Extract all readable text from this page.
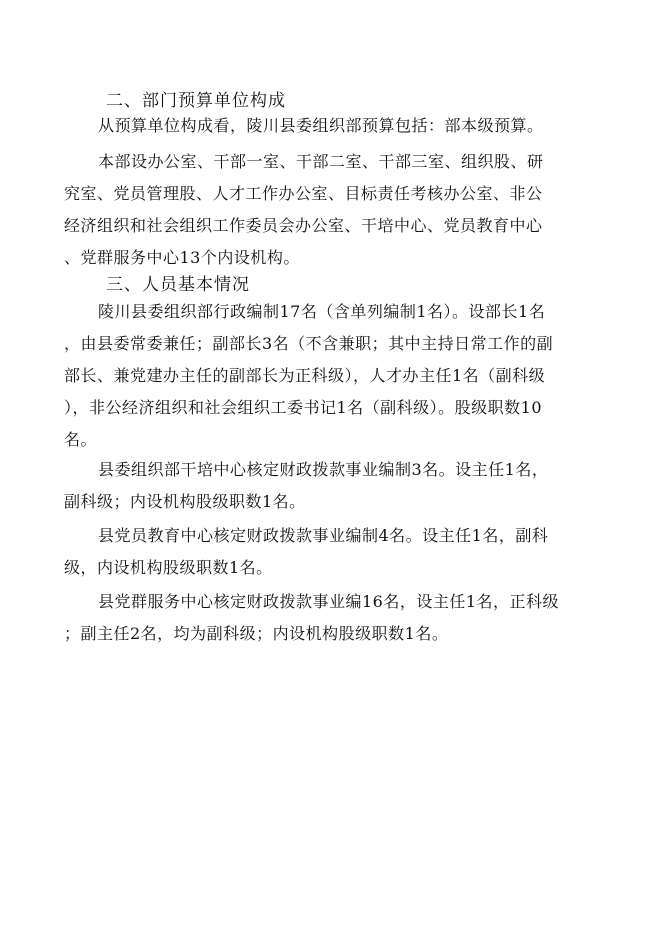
二、部门预算单位构成
从预算单位构成看，陵川县委组织部预算包括：部本级预算。
本部设办公室、干部一室、干部二室、干部三室、组织股、研
究室、党员管理股、人才工作办公室、目标责任考核办公室、非公
经济组织和社会组织工作委员会办公室、干培中心、党员教育中心
、党群服务中心13个内设机构。
三、人员基本情况
陵川县委组织部行政编制17名（含单列编制1名）。设部长1名
，由县委常委兼任；副部长3名（不含兼职；其中主持日常工作的副
部长、兼党建办主任的副部长为正科级），人才办主任1名（副科级
），非公经济组织和社会组织工委书记1名（副科级）。股级职数10
名。
县委组织部干培中心核定财政拨款事业编制3名。设主任1名，
副科级；内设机构股级职数1名。
县党员教育中心核定财政拨款事业编制4名。设主任1名，副科
级，内设机构股级职数1名。
县党群服务中心核定财政拨款事业编16名，设主任1名，正科级
；副主任2名，均为副科级；内设机构股级职数1名。
